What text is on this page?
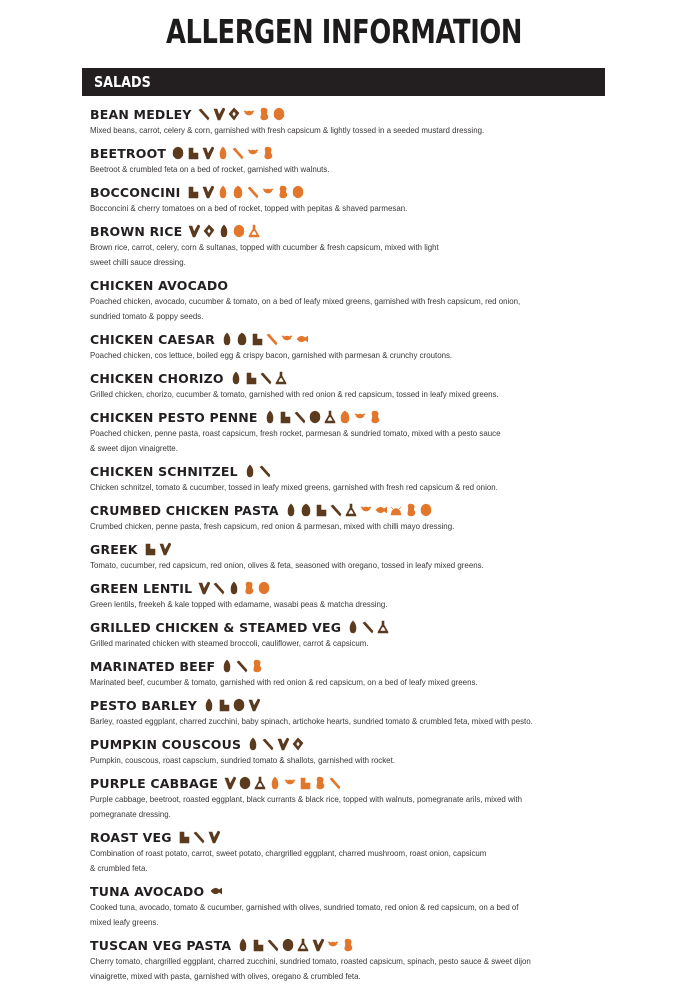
ALLERGEN INFORMATION
SALADS
BEAN MEDLEY
Mixed beans, carrot, celery & corn, garnished with fresh capsicum & lightly tossed in a seeded mustard dressing.
BEETROOT
Beetroot & crumbled feta on a bed of rocket, garnished with walnuts.
BOCCONCINI
Bocconcini & cherry tomatoes on a bed of rocket, topped with pepitas & shaved parmesan.
BROWN RICE
Brown rice, carrot, celery, corn & sultanas, topped with cucumber & fresh capsicum, mixed with light
sweet chilli sauce dressing.
CHICKEN AVOCADO
Poached chicken, avocado, cucumber & tomato, on a bed of leafy mixed greens, garnished with fresh capsicum, red onion,
sundried tomato & poppy seeds.
CHICKEN CAESAR
Poached chicken, cos lettuce, boiled egg & crispy bacon, garnished with parmesan & crunchy croutons.
CHICKEN CHORIZO
Grilled chicken, chorizo, cucumber & tomato, garnished with red onion & red capsicum, tossed in leafy mixed greens.
CHICKEN PESTO PENNE
Poached chicken, penne pasta, roast capsicum, fresh rocket, parmesan & sundried tomato, mixed with a pesto sauce
& sweet dijon vinaigrette.
CHICKEN SCHNITZEL
Chicken schnitzel, tomato & cucumber, tossed in leafy mixed greens, garnished with fresh red capsicum & red onion.
CRUMBED CHICKEN PASTA
Crumbed chicken, penne pasta, fresh capsicum, red onion & parmesan, mixed with chilli mayo dressing.
GREEK
Tomato, cucumber, red capsicum, red onion, olives & feta, seasoned with oregano, tossed in leafy mixed greens.
GREEN LENTIL
Green lentils, freekeh & kale topped with edamame, wasabi peas & matcha dressing.
GRILLED CHICKEN & STEAMED VEG
Grilled marinated chicken with steamed broccoli, cauliflower, carrot & capsicum.
MARINATED BEEF
Marinated beef, cucumber & tomato, garnished with red onion & red capsicum, on a bed of leafy mixed greens.
PESTO BARLEY
Barley, roasted eggplant, charred zucchini, baby spinach, artichoke hearts, sundried tomato & crumbled feta, mixed with pesto.
PUMPKIN COUSCOUS
Pumpkin, couscous, roast capscium, sundried tomato & shallots, garnished with rocket.
PURPLE CABBAGE
Purple cabbage, beetroot, roasted eggplant, black currants & black rice, topped with walnuts, pomegranate arils, mixed with
pomegranate dressing.
ROAST VEG
Combination of roast potato, carrot, sweet potato, chargrilled eggplant, charred mushroom, roast onion, capsicum
& crumbled feta.
TUNA AVOCADO
Cooked tuna, avocado, tomato & cucumber, garnished with olives, sundried tomato, red onion & red capsicum, on a bed of
mixed leafy greens.
TUSCAN VEG PASTA
Cherry tomato, chargrilled eggplant, charred zucchini, sundried tomato, roasted capsicum, spinach, pesto sauce & sweet dijon
vinaigrette, mixed with pasta, garnished with olives, oregano & crumbled feta.
